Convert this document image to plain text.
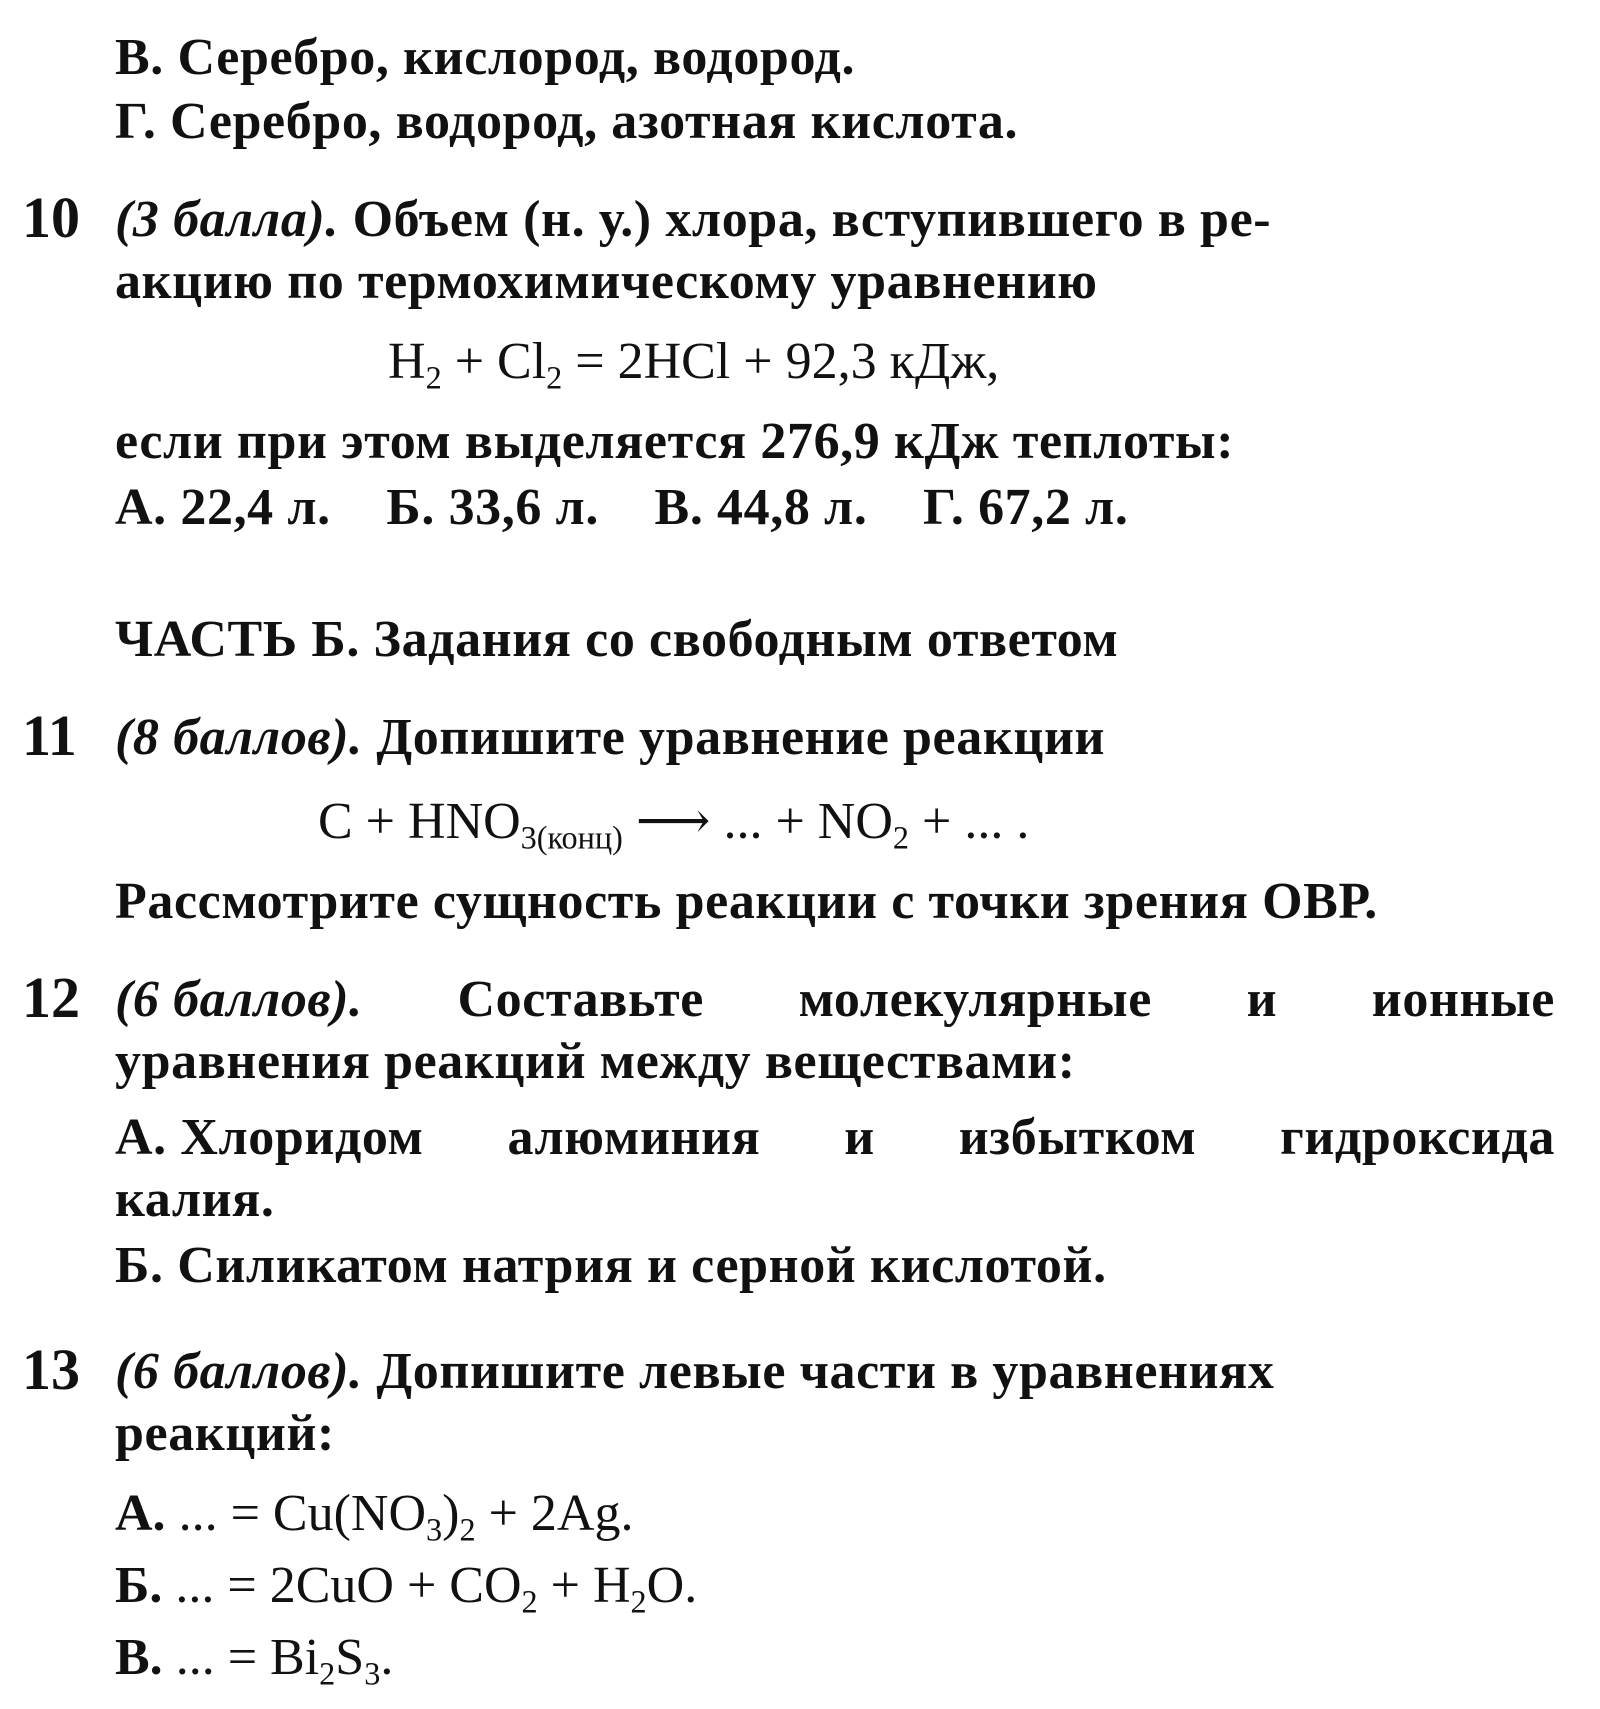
В. Серебро, кислород, водород.
Г. Серебро, водород, азотная кислота.
10 (3 балла). Объем (н. у.) хлора, вступившего в ре-
акцию по термохимическому уравнению
$H_2 + Cl_2 = 2HCl + 92,3$ кДж,
если при этом выделяется 276,9 кДж теплоты:
А. 22,4 л. Б. 33,6 л. В. 44,8 л. Г. 67,2 л.
ЧАСТЬ Б. Задания со свободным ответом
11 (8 баллов). Допишите уравнение реакции
$C + HNO_{3(конц)}$ ⟶ ... + $NO_2$ + ... .
Рассмотрите сущность реакции с точки зрения ОВР.
12 (6 баллов). Составьте молекулярные и ионные
уравнения реакций между веществами:
А. Хлоридом алюминия и избытком гидроксида
калия.
Б. Силикатом натрия и серной кислотой.
13 (6 баллов). Допишите левые части в уравнениях
реакций:
А. ... = $Cu(NO_3)_2 + 2Ag$.
Б. ... = $2CuO + CO_2 + H_2O$.
В. ... = $Bi_2S_3$.
